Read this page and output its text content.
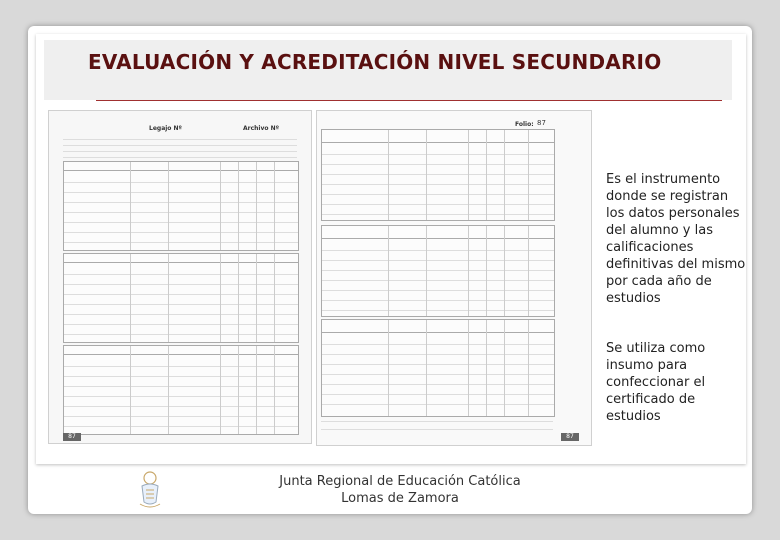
EVALUACIÓN Y ACREDITACIÓN NIVEL SECUNDARIO
Legajo Nº	Archivo Nº
87
Folio: 87
87
Es el instrumento donde se registran los datos personales del alumno y las calificaciones definitivas del mismo por cada año de estudios
Se utiliza como insumo para confeccionar el certificado de estudios
Junta Regional de Educación Católica
Lomas de Zamora
